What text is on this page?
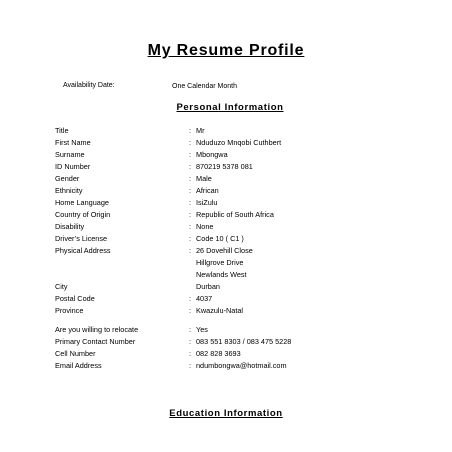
My Resume Profile
Availability Date:	One Calendar Month
Personal Information
Title	: Mr
First Name	: Nduduzo Mnqobi Cuthbert
Surname	: Mbongwa
ID Number	: 870219 5378 081
Gender	: Male
Ethnicity	: African
Home Language	: IsiZulu
Country of Origin	: Republic of South Africa
Disability	: None
Driver’s License	: Code 10 ( C1 )
Physical Address	: 26 Dovehill Close
Hillgrove Drive
Newlands West
City	Durban
Postal Code	: 4037
Province	: Kwazulu-Natal
Are you willing to relocate	: Yes
Primary Contact Number	: 083 551 8303 / 083 475 5228
Cell Number	: 082 828 3693
Email Address	: ndumbongwa@hotmail.com
Education Information
